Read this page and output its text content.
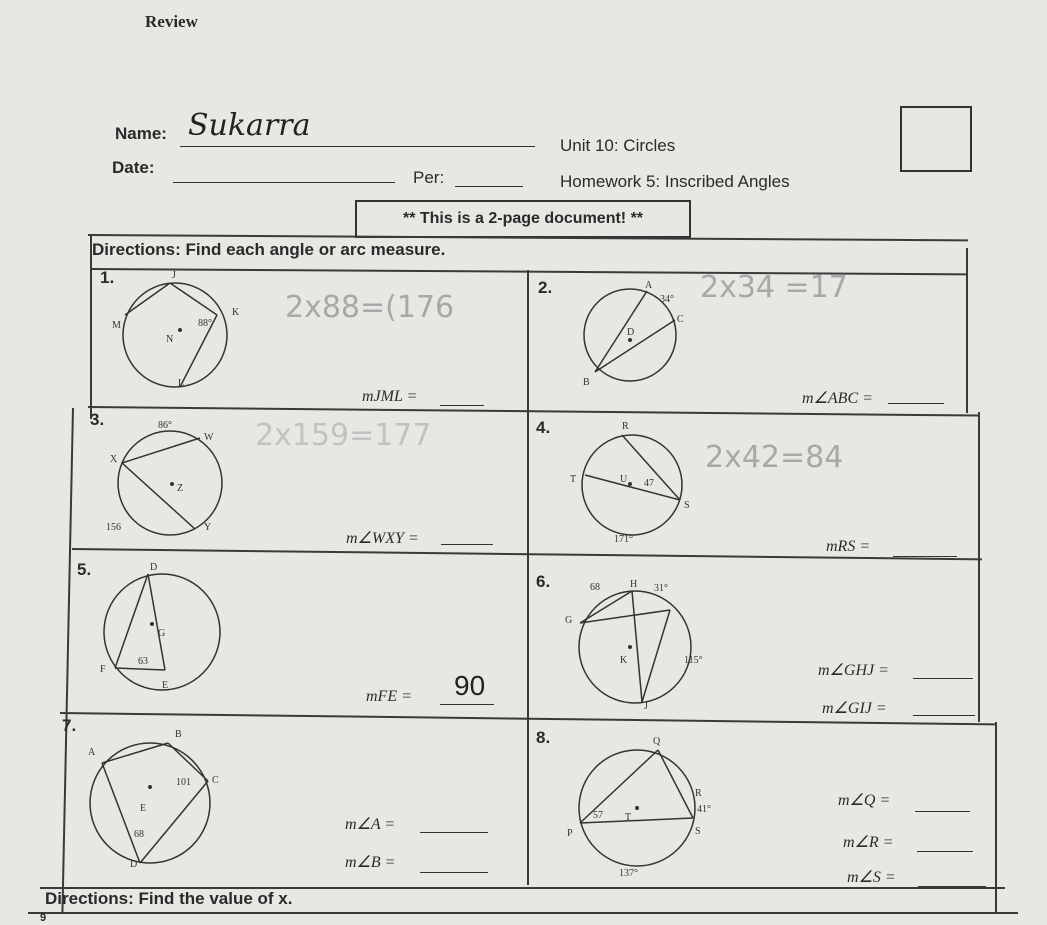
Review
Name: Sukarra
Date:
Per:
Unit 10: Circles
Homework 5: Inscribed Angles
** This is a 2-page document! **
Directions: Find each angle or arc measure.
1.	J
K
M
N
L
88° 2x88=(176
mJML =
2.	A
B
C
D
34° 2x34 =17
m∠ABC =
3.	86°
W
X
Z
Y
156
2x159=177
m∠WXY =
4.	R
T	U 47
S
171°
2x42=84
mRS =
5.	D
G
F
E
63
mFE = 90
6.	68	H 31°
G
K	115°
J
m∠GHJ =
m∠GIJ =
7.	B
A
101 C
E
68
D
m∠A =
m∠B =
8.	Q
R
41°
57 T
P	S
137°
m∠Q =
m∠R =
m∠S =
Directions: Find the value of x.
9
